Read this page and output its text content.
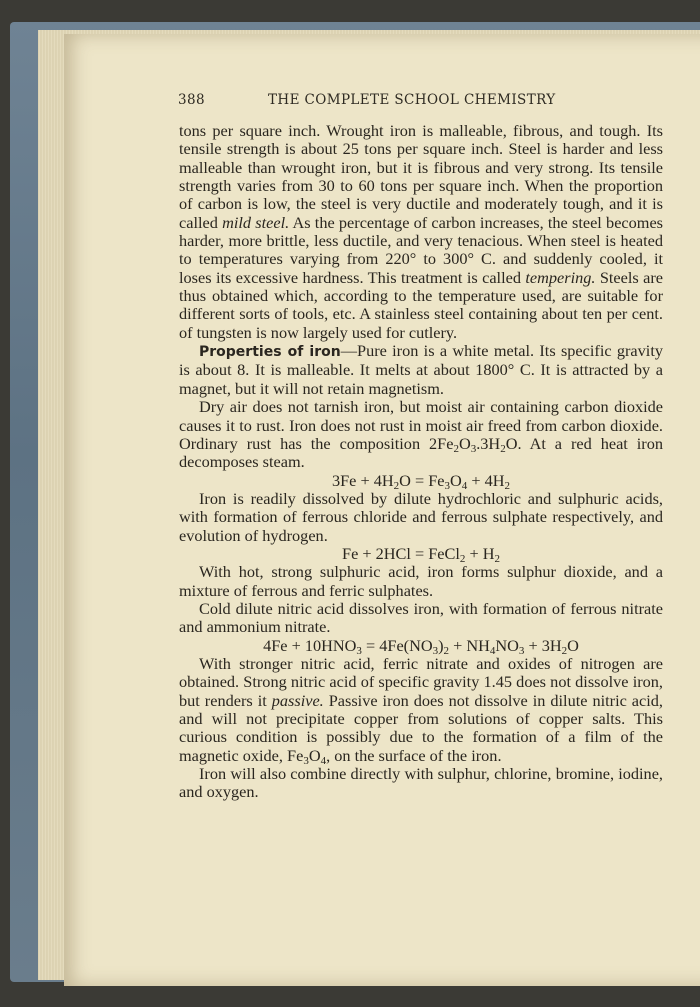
388	THE COMPLETE SCHOOL CHEMISTRY

tons per square inch. Wrought iron is malleable, fibrous, and tough. Its tensile strength is about 25 tons per square inch. Steel is harder and less malleable than wrought iron, but it is fibrous and very strong. Its tensile strength varies from 30 to 60 tons per square inch. When the proportion of carbon is low, the steel is very ductile and moderately tough, and it is called mild steel. As the percentage of carbon increases, the steel becomes harder, more brittle, less ductile, and very tenacious. When steel is heated to temperatures varying from 220° to 300° C. and suddenly cooled, it loses its excessive hardness. This treatment is called tempering. Steels are thus obtained which, according to the temperature used, are suitable for different sorts of tools, etc. A stainless steel containing about ten per cent. of tungsten is now largely used for cutlery.

Properties of iron—Pure iron is a white metal. Its specific gravity is about 8. It is malleable. It melts at about 1800° C. It is attracted by a magnet, but it will not retain magnetism.

Dry air does not tarnish iron, but moist air containing carbon dioxide causes it to rust. Iron does not rust in moist air freed from carbon dioxide. Ordinary rust has the composition $2Fe_2O_3.3H_2O$. At a red heat iron decomposes steam.

$3Fe + 4H_2O = Fe_3O_4 + 4H_2$

Iron is readily dissolved by dilute hydrochloric and sulphuric acids, with formation of ferrous chloride and ferrous sulphate respectively, and evolution of hydrogen.

Fe + 2HCl = FeCl$_2$ + $H_2$

With hot, strong sulphuric acid, iron forms sulphur dioxide, and a mixture of ferrous and ferric sulphates.

Cold dilute nitric acid dissolves iron, with formation of ferrous nitrate and ammonium nitrate.

$4Fe + 10HNO_3 = 4Fe(NO_3)_2 + NH_4NO_3 + 3H_2O$

With stronger nitric acid, ferric nitrate and oxides of nitrogen are obtained. Strong nitric acid of specific gravity 1.45 does not dissolve iron, but renders it passive. Passive iron does not dissolve in dilute nitric acid, and will not precipitate copper from solutions of copper salts. This curious condition is possibly due to the formation of a film of the magnetic oxide, $Fe_3O_4$, on the surface of the iron.

Iron will also combine directly with sulphur, chlorine, bromine, iodine, and oxygen.
